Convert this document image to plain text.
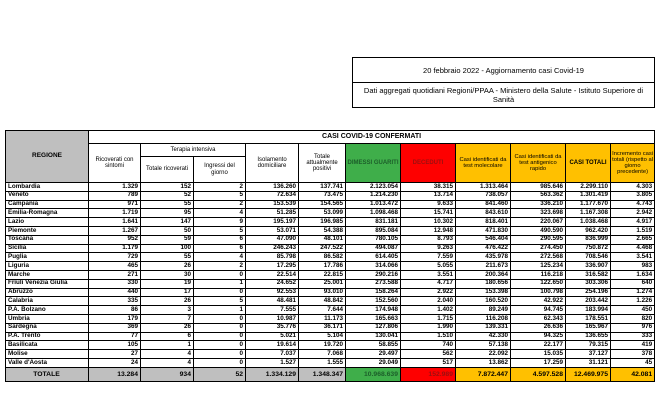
20 febbraio 2022 - Aggiornamento casi Covid-19
Dati aggregati quotidiani Regioni/PPAA - Ministero della Salute - Istituto Superiore di Sanità
REGIONE	CASI COVID-19 CONFERMATI										
	Ricoverati con sintomi	Terapia intensiva		Isolamento domiciliare	Totale attualmente positivi	DIMESSI GUARITI	DECEDUTI	Casi identificati da test molecolare	Casi identificati da test antigenico rapido	CASI TOTALI	Incremento casi totali (rispetto al giorno precedente)
		Totale ricoverati	Ingressi del giorno								
Lombardia	1.329	152	2	136.260	137.741	2.123.054	38.315	1.313.464	985.646	2.299.110	4.303
Veneto	789	52	5	72.634	73.475	1.214.230	13.714	738.057	563.362	1.301.419	3.805
Campania	971	55	2	153.539	154.565	1.013.472	9.633	841.460	336.210	1.177.670	4.743
Emilia-Romagna	1.719	95	4	51.285	53.099	1.098.468	15.741	843.610	323.698	1.167.308	2.942
Lazio	1.641	147	9	195.197	196.985	831.181	10.302	818.401	220.067	1.038.468	4.917
Piemonte	1.267	50	5	53.071	54.388	895.084	12.948	471.830	490.590	962.420	1.519
Toscana	952	59	6	47.090	48.101	780.105	8.793	546.404	290.595	836.999	2.665
Sicilia	1.179	100	6	246.243	247.522	494.087	9.263	476.422	274.450	750.872	4.468
Puglia	729	55	4	85.798	86.582	614.405	7.559	435.978	272.568	708.546	3.541
Liguria	465	26	2	17.295	17.786	314.066	5.055	211.673	125.234	336.907	983
Marche	271	30	0	22.514	22.815	290.216	3.551	200.364	116.218	316.582	1.634
Friuli Venezia Giulia	330	19	1	24.652	25.001	273.588	4.717	180.656	122.650	303.306	640
Abruzzo	440	17	0	92.553	93.010	158.264	2.922	153.398	100.798	254.196	1.274
Calabria	335	26	5	48.481	48.842	152.560	2.040	160.520	42.922	203.442	1.226
P.A. Bolzano	86	3	1	7.555	7.644	174.948	1.402	89.249	94.745	183.994	450
Umbria	179	7	0	10.987	11.173	165.663	1.715	116.208	62.343	178.551	820
Sardegna	369	26	0	35.776	36.171	127.806	1.990	139.331	26.636	165.967	976
P.A. Trento	77	6	0	5.021	5.104	130.041	1.510	42.330	94.325	136.655	333
Basilicata	105	1	0	19.614	19.720	58.855	740	57.138	22.177	79.315	419
Molise	27	4	0	7.037	7.068	29.497	562	22.092	15.035	37.127	378
Valle d'Aosta	24	4	0	1.527	1.555	29.049	517	13.862	17.259	31.121	45
TOTALE	13.284	934	52	1.334.129	1.348.347	10.968.639	152.989	7.872.447	4.597.528	12.469.975	42.081
